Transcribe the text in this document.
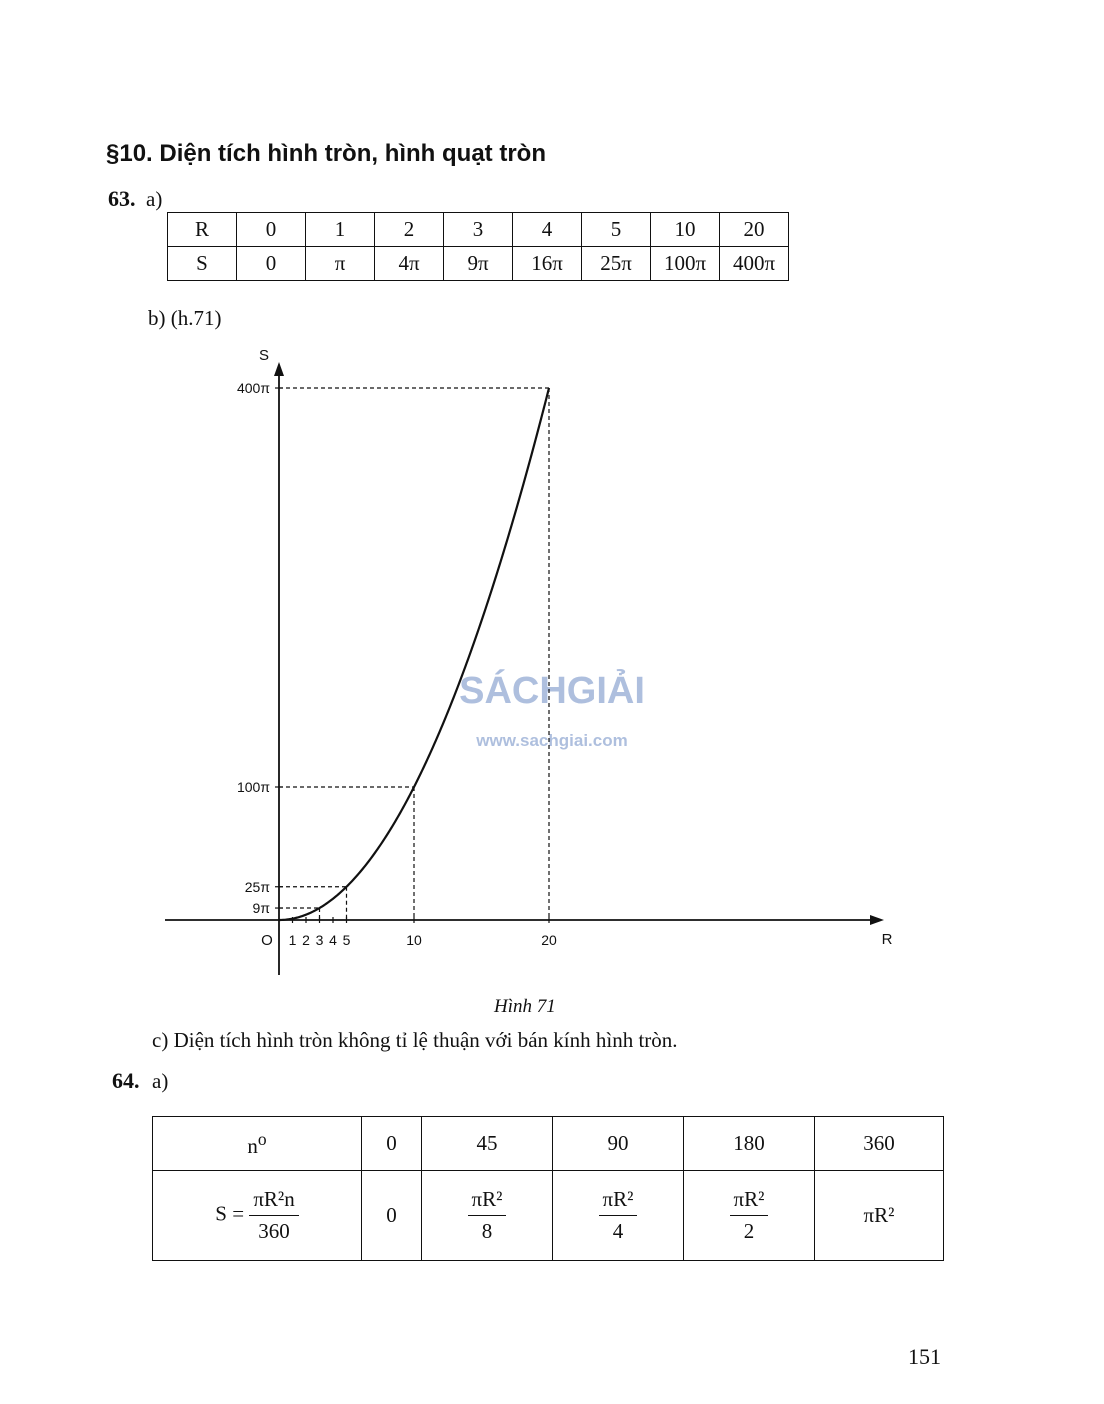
§10. Diện tích hình tròn, hình quạt tròn
63. a)
R	0	1	2	3	4	5	10	20
S	0	π	4π	9π	16π	25π	100π	400π
b) (h.71)
SÁCHGIẢI
www.sachgiai.com
S
R
O 1 2 3 4 5	10	20
9π
25π
100π
400π
Hình 71
c) Diện tích hình tròn không tỉ lệ thuận với bán kính hình tròn.
64. a)
$n^o$	0	45	90	180	360
$S = \frac{\text{πR²n}}{360}$	0	$\frac{\text{πR²}}{8}$	$\frac{\text{πR²}}{4}$	$\frac{\text{πR²}}{2}$	πR²
151
